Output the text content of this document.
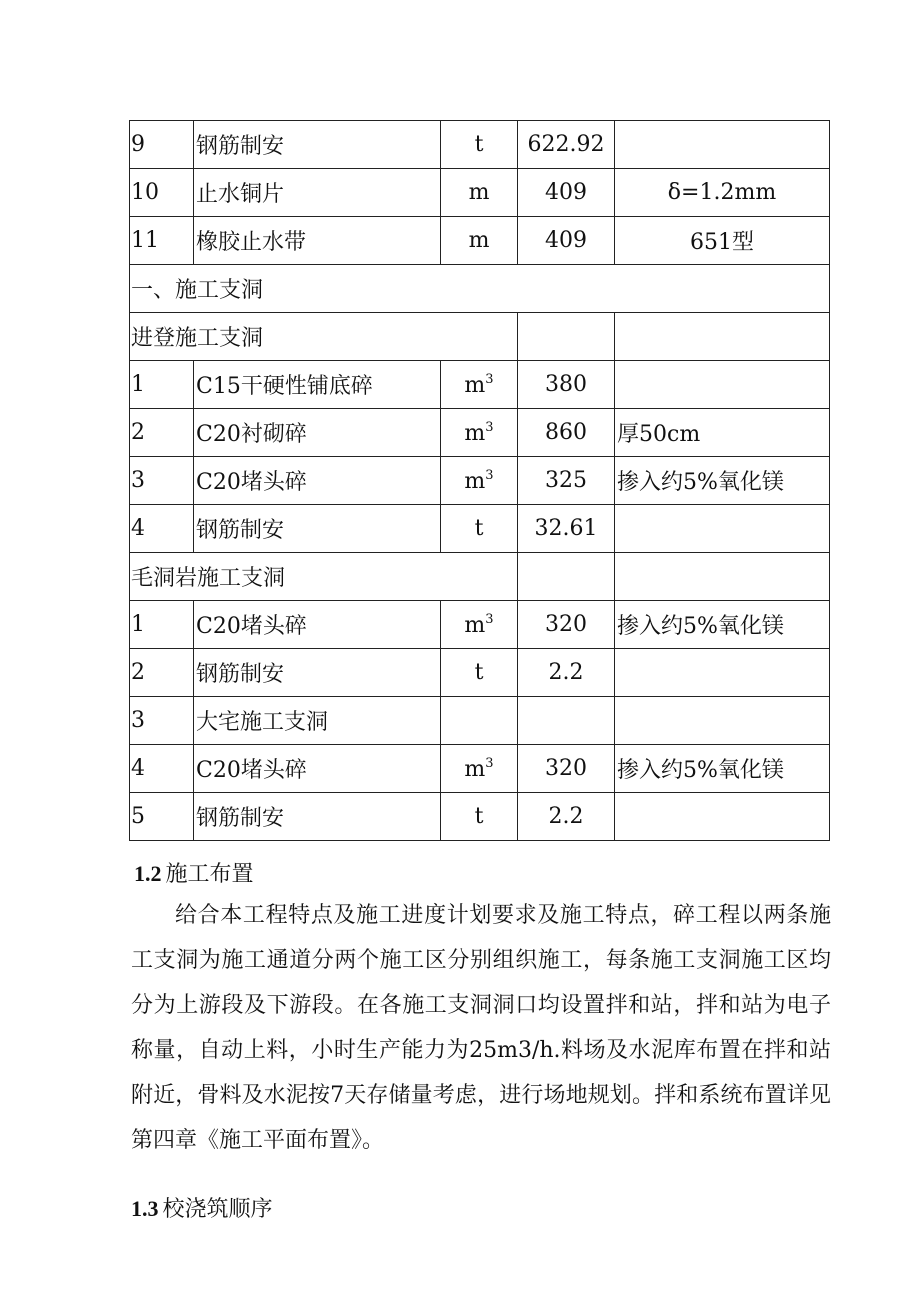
9	钢筋制安	t	622.92	
10	止水铜片	m	409	δ=1.2mm
11	橡胶止水带	m	409	651型
一、施工支洞				
进登施工支洞				
1	C15干硬性铺底碎	$m^3$	380	
2	C20衬砌碎	$m^3$	860	厚50cm
3	C20堵头碎	$m^3$	325	掺入约5%氧化镁
4	钢筋制安	t	32.61	
毛洞岩施工支洞				
1	C20堵头碎	$m^3$	320	掺入约5%氧化镁
2	钢筋制安	t	2.2	
3	大宅施工支洞			
4	C20堵头碎	$m^3$	320	掺入约5%氧化镁
5	钢筋制安	t	2.2	
1.2 施工布置

给合本工程特点及施工进度计划要求及施工特点，碎工程以两条施工支洞为施工通道分两个施工区分别组织施工，每条施工支洞施工区均分为上游段及下游段。在各施工支洞洞口均设置拌和站，拌和站为电子称量，自动上料，小时生产能力为25m3/h.料场及水泥库布置在拌和站附近，骨料及水泥按7天存储量考虑，进行场地规划。拌和系统布置详见第四章《施工平面布置》。

1.3 校浇筑顺序
